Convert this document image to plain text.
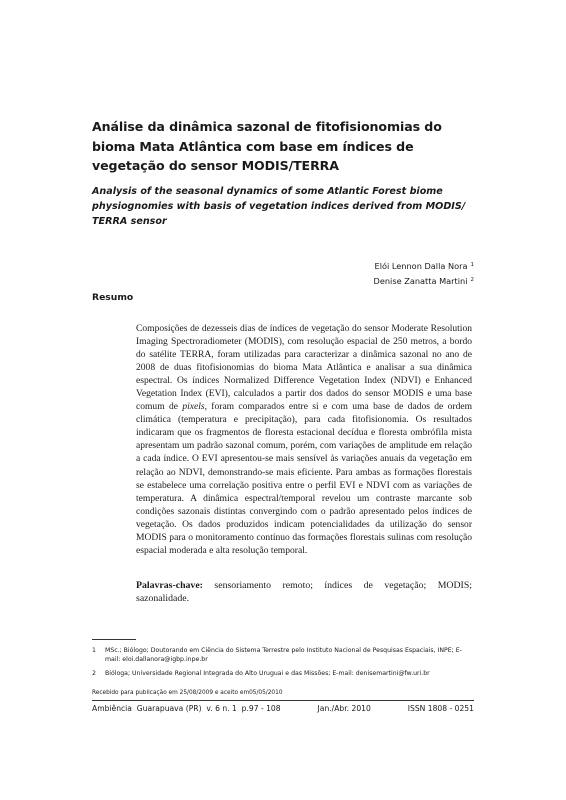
Análise da dinâmica sazonal de fitofisionomias do bioma Mata Atlântica com base em índices de vegetação do sensor MODIS/TERRA
Analysis of the seasonal dynamics of some Atlantic Forest biome physiognomies with basis of vegetation indices derived from MODIS/ TERRA sensor
Elói Lennon Dalla Nora $^1$
Denise Zanatta Martini $^2$
Resumo

Composições de dezesseis dias de índices de vegetação do sensor Moderate Resolution Imaging Spectroradiometer (MODIS), com resolução espacial de 250 metros, a bordo do satélite TERRA, foram utilizadas para caracterizar a dinâmica sazonal no ano de 2008 de duas fitofisionomias do bioma Mata Atlântica e analisar a sua dinâmica espectral. Os índices Normalized Difference Vegetation Index (NDVI) e Enhanced Vegetation Index (EVI), calculados a partir dos dados do sensor MODIS e uma base comum de pixels, foram comparados entre si e com uma base de dados de ordem climática (temperatura e precipitação), para cada fitofisionomia. Os resultados indicaram que os fragmentos de floresta estacional decídua e floresta ombrófila mista apresentam um padrão sazonal comum, porém, com variações de amplitude em relação a cada índice. O EVI apresentou-se mais sensível às variações anuais da vegetação em relação ao NDVI, demonstrando-se mais eficiente. Para ambas as formações florestais se estabelece uma correlação positiva entre o perfil EVI e NDVI com as variações de temperatura. A dinâmica espectral/temporal revelou um contraste marcante sob condições sazonais distintas convergindo com o padrão apresentado pelos índices de vegetação. Os dados produzidos indicam potencialidades da utilização do sensor MODIS para o monitoramento contínuo das formações florestais sulinas com resolução espacial moderada e alta resolução temporal.

Palavras-chave: sensoriamento remoto; índices de vegetação; MODIS; sazonalidade.
1	MSc.; Biólogo; Doutorando em Ciência do Sistema Terrestre pelo Instituto Nacional de Pesquisas Espaciais, INPE; E-mail: eloi.dallanora@igbp.inpe.br
2	Bióloga; Universidade Regional Integrada do Alto Uruguai e das Missões; E-mail: denisemartini@fw.uri.br
Recebido para publicação em 25/08/2009 e aceito em05/05/2010
Ambiência  Guarapuava (PR)  v. 6 n. 1  p.97 - 108	Jan./Abr. 2010	ISSN 1808 - 0251
